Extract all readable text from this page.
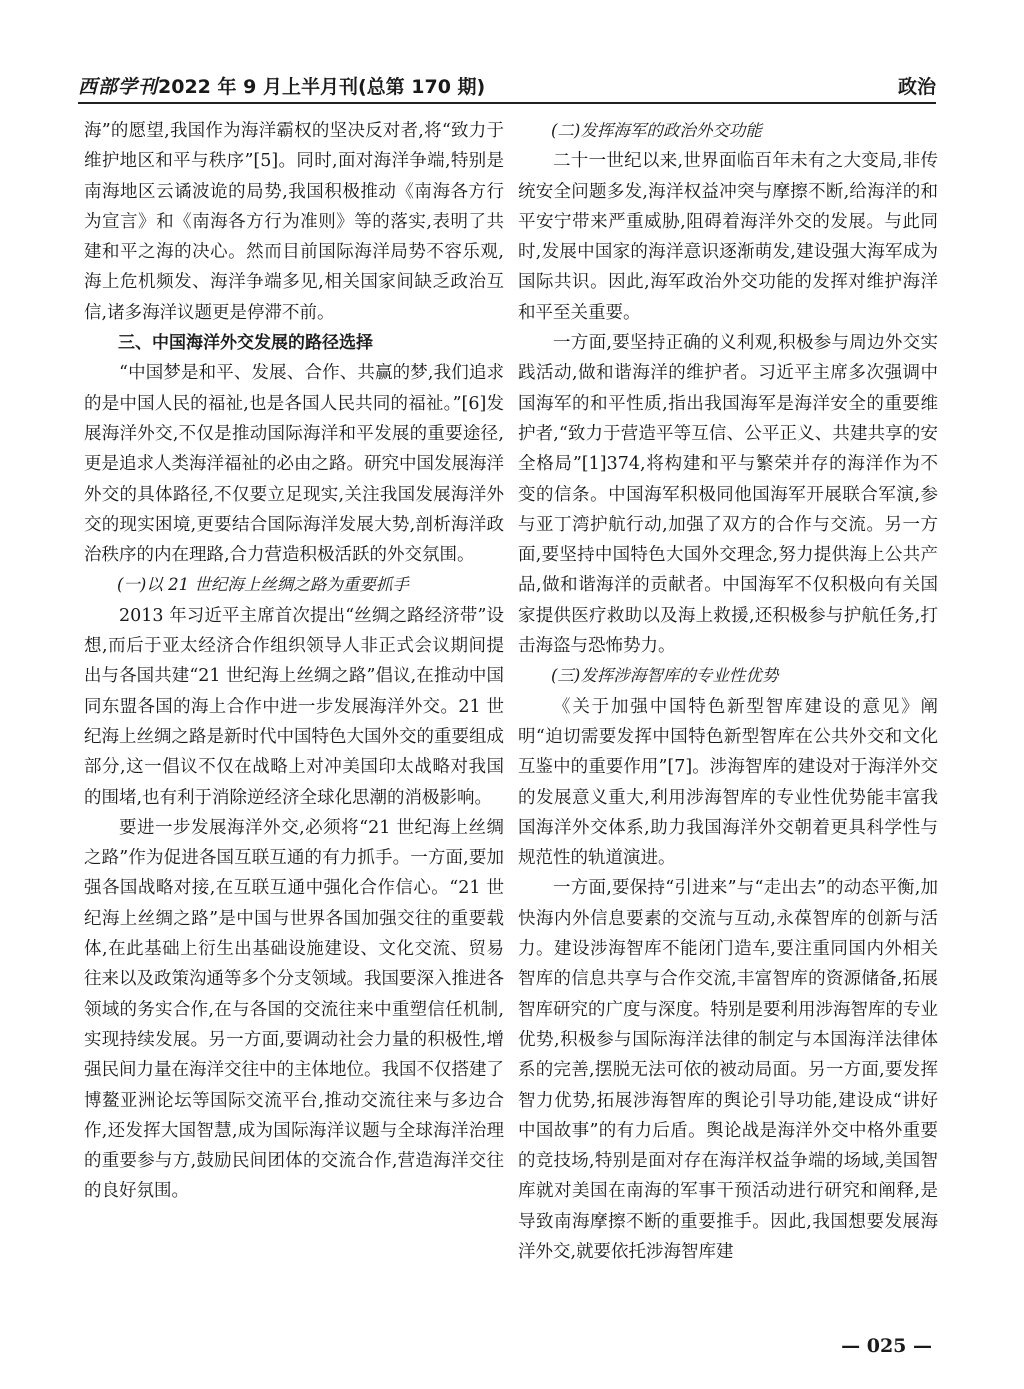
西部学刊2022 年 9 月上半月刊(总第 170 期)	政治

海”的愿望,我国作为海洋霸权的坚决反对者,将“致力于维护地区和平与秩序”[5]。同时,面对海洋争端,特别是南海地区云谲波诡的局势,我国积极推动《南海各方行为宣言》和《南海各方行为准则》等的落实,表明了共建和平之海的决心。然而目前国际海洋局势不容乐观,海上危机频发、海洋争端多见,相关国家间缺乏政治互信,诸多海洋议题更是停滞不前。

三、中国海洋外交发展的路径选择

“中国梦是和平、发展、合作、共赢的梦,我们追求的是中国人民的福祉,也是各国人民共同的福祉。”[6]发展海洋外交,不仅是推动国际海洋和平发展的重要途径,更是追求人类海洋福祉的必由之路。研究中国发展海洋外交的具体路径,不仅要立足现实,关注我国发展海洋外交的现实困境,更要结合国际海洋发展大势,剖析海洋政治秩序的内在理路,合力营造积极活跃的外交氛围。

(一)以 21 世纪海上丝绸之路为重要抓手

2013 年习近平主席首次提出“丝绸之路经济带”设想,而后于亚太经济合作组织领导人非正式会议期间提出与各国共建“21 世纪海上丝绸之路”倡议,在推动中国同东盟各国的海上合作中进一步发展海洋外交。21 世纪海上丝绸之路是新时代中国特色大国外交的重要组成部分,这一倡议不仅在战略上对冲美国印太战略对我国的围堵,也有利于消除逆经济全球化思潮的消极影响。

要进一步发展海洋外交,必须将“21 世纪海上丝绸之路”作为促进各国互联互通的有力抓手。一方面,要加强各国战略对接,在互联互通中强化合作信心。“21 世纪海上丝绸之路”是中国与世界各国加强交往的重要载体,在此基础上衍生出基础设施建设、文化交流、贸易往来以及政策沟通等多个分支领域。我国要深入推进各领域的务实合作,在与各国的交流往来中重塑信任机制,实现持续发展。另一方面,要调动社会力量的积极性,增强民间力量在海洋交往中的主体地位。我国不仅搭建了博鳌亚洲论坛等国际交流平台,推动交流往来与多边合作,还发挥大国智慧,成为国际海洋议题与全球海洋治理的重要参与方,鼓励民间团体的交流合作,营造海洋交往的良好氛围。

(二)发挥海军的政治外交功能

二十一世纪以来,世界面临百年未有之大变局,非传统安全问题多发,海洋权益冲突与摩擦不断,给海洋的和平安宁带来严重威胁,阻碍着海洋外交的发展。与此同时,发展中国家的海洋意识逐渐萌发,建设强大海军成为国际共识。因此,海军政治外交功能的发挥对维护海洋和平至关重要。

一方面,要坚持正确的义利观,积极参与周边外交实践活动,做和谐海洋的维护者。习近平主席多次强调中国海军的和平性质,指出我国海军是海洋安全的重要维护者,“致力于营造平等互信、公平正义、共建共享的安全格局”[1]374,将构建和平与繁荣并存的海洋作为不变的信条。中国海军积极同他国海军开展联合军演,参与亚丁湾护航行动,加强了双方的合作与交流。另一方面,要坚持中国特色大国外交理念,努力提供海上公共产品,做和谐海洋的贡献者。中国海军不仅积极向有关国家提供医疗救助以及海上救援,还积极参与护航任务,打击海盗与恐怖势力。

(三)发挥涉海智库的专业性优势

《关于加强中国特色新型智库建设的意见》阐明“迫切需要发挥中国特色新型智库在公共外交和文化互鉴中的重要作用”[7]。涉海智库的建设对于海洋外交的发展意义重大,利用涉海智库的专业性优势能丰富我国海洋外交体系,助力我国海洋外交朝着更具科学性与规范性的轨道演进。

一方面,要保持“引进来”与“走出去”的动态平衡,加快海内外信息要素的交流与互动,永葆智库的创新与活力。建设涉海智库不能闭门造车,要注重同国内外相关智库的信息共享与合作交流,丰富智库的资源储备,拓展智库研究的广度与深度。特别是要利用涉海智库的专业优势,积极参与国际海洋法律的制定与本国海洋法律体系的完善,摆脱无法可依的被动局面。另一方面,要发挥智力优势,拓展涉海智库的舆论引导功能,建设成“讲好中国故事”的有力后盾。舆论战是海洋外交中格外重要的竞技场,特别是面对存在海洋权益争端的场域,美国智库就对美国在南海的军事干预活动进行研究和阐释,是导致南海摩擦不断的重要推手。因此,我国想要发展海洋外交,就要依托涉海智库建

— 025 —
